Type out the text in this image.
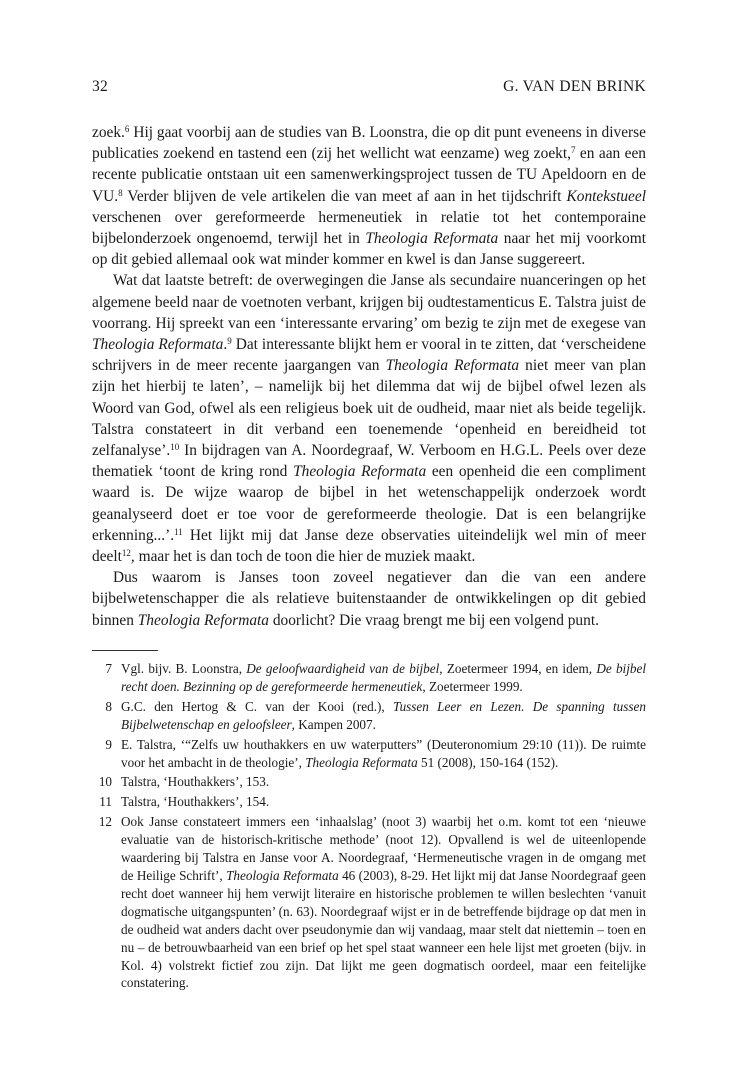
32	G. VAN DEN BRINK

zoek.$^6$ Hij gaat voorbij aan de studies van B. Loonstra, die op dit punt eveneens in diverse publicaties zoekend en tastend een (zij het wellicht wat eenzame) weg zoekt,$^7$ en aan een recente publicatie ontstaan uit een samenwerkingsproject tussen de TU Apeldoorn en de VU.$^8$ Verder blijven de vele artikelen die van meet af aan in het tijdschrift Kontekstueel verschenen over gereformeerde hermeneutiek in relatie tot het contemporaine bijbelonderzoek ongenoemd, terwijl het in Theologia Reformata naar het mij voorkomt op dit gebied allemaal ook wat minder kommer en kwel is dan Janse suggereert.

Wat dat laatste betreft: de overwegingen die Janse als secundaire nuanceringen op het algemene beeld naar de voetnoten verbant, krijgen bij oudtestamenticus E. Talstra juist de voorrang. Hij spreekt van een ‘interessante ervaring’ om bezig te zijn met de exegese van Theologia Reformata.$^9$ Dat interessante blijkt hem er vooral in te zitten, dat ‘verscheidene schrijvers in de meer recente jaargangen van Theologia Reformata niet meer van plan zijn het hierbij te laten’, – namelijk bij het dilemma dat wij de bijbel ofwel lezen als Woord van God, ofwel als een religieus boek uit de oudheid, maar niet als beide tegelijk. Talstra constateert in dit verband een toenemende ‘openheid en bereidheid tot zelfanalyse’.$^{10}$ In bijdragen van A. Noordegraaf, W. Verboom en H.G.L. Peels over deze thematiek ‘toont de kring rond Theologia Reformata een openheid die een compliment waard is. De wijze waarop de bijbel in het wetenschappelijk onderzoek wordt geanalyseerd doet er toe voor de gereformeerde theologie. Dat is een belangrijke erkenning...’.$^{11}$ Het lijkt mij dat Janse deze observaties uiteindelijk wel min of meer deelt$^{12}$, maar het is dan toch de toon die hier de muziek maakt.

Dus waarom is Janses toon zoveel negatiever dan die van een andere bijbelwetenschapper die als relatieve buitenstaander de ontwikkelingen op dit gebied binnen Theologia Reformata doorlicht? Die vraag brengt me bij een volgend punt.

7 Vgl. bijv. B. Loonstra, De geloofwaardigheid van de bijbel, Zoetermeer 1994, en idem, De bijbel recht doen. Bezinning op de gereformeerde hermeneutiek, Zoetermeer 1999.
8 G.C. den Hertog & C. van der Kooi (red.), Tussen Leer en Lezen. De spanning tussen Bijbelwetenschap en geloofsleer, Kampen 2007.
9 E. Talstra, ‘“Zelfs uw houthakkers en uw waterputters” (Deuteronomium 29:10 (11)). De ruimte voor het ambacht in de theologie’, Theologia Reformata 51 (2008), 150-164 (152).
10 Talstra, ‘Houthakkers’, 153.
11 Talstra, ‘Houthakkers’, 154.
12 Ook Janse constateert immers een ‘inhaalslag’ (noot 3) waarbij het o.m. komt tot een ‘nieuwe evaluatie van de historisch-kritische methode’ (noot 12). Opvallend is wel de uiteenlopende waardering bij Talstra en Janse voor A. Noordegraaf, ‘Hermeneutische vragen in de omgang met de Heilige Schrift’, Theologia Reformata 46 (2003), 8-29. Het lijkt mij dat Janse Noordegraaf geen recht doet wanneer hij hem verwijt literaire en historische problemen te willen beslechten ‘vanuit dogmatische uitgangspunten’ (n. 63). Noordegraaf wijst er in de betreffende bijdrage op dat men in de oudheid wat anders dacht over pseudonymie dan wij vandaag, maar stelt dat niettemin – toen en nu – de betrouwbaarheid van een brief op het spel staat wanneer een hele lijst met groeten (bijv. in Kol. 4) volstrekt fictief zou zijn. Dat lijkt me geen dogmatisch oordeel, maar een feitelijke constatering.
